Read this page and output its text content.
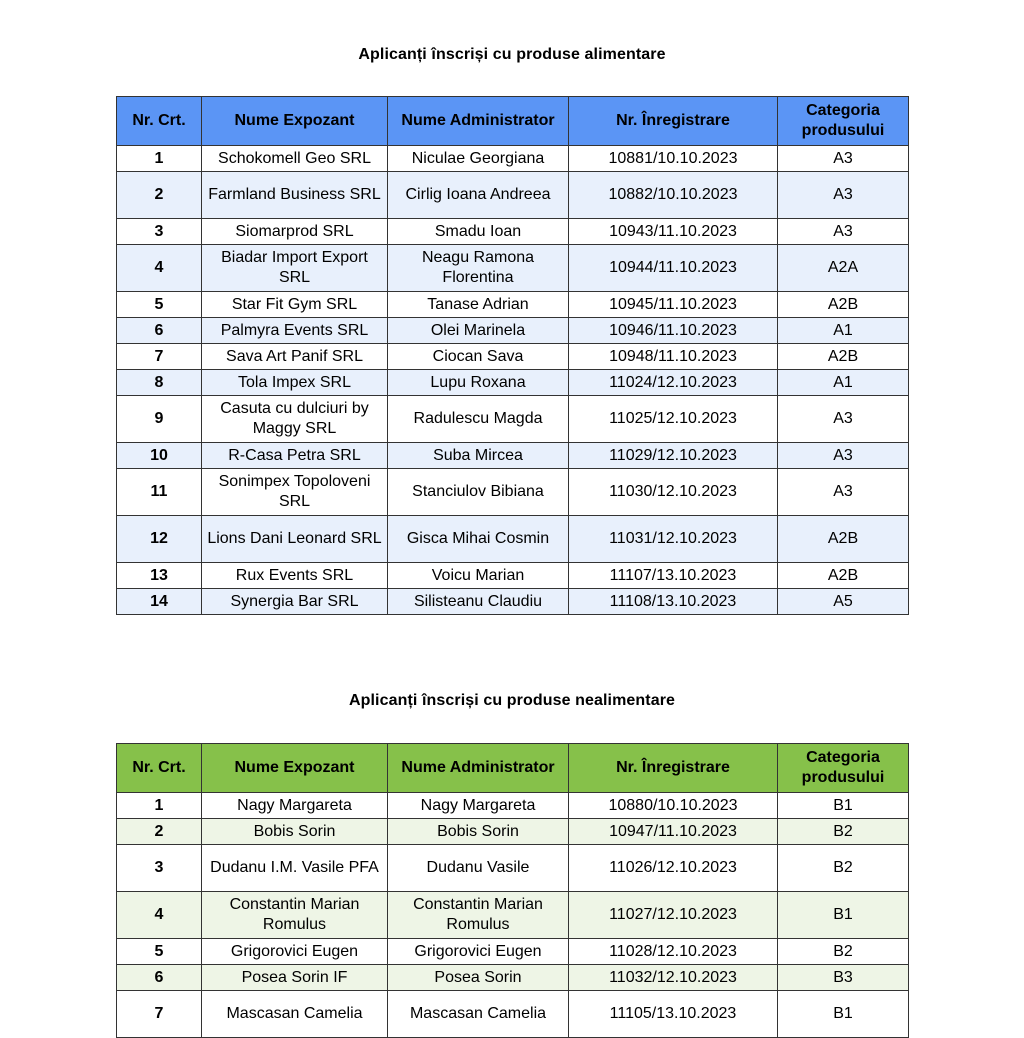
Aplicanți înscriși cu produse alimentare
Nr. Crt.	Nume Expozant	Nume Administrator	Nr. Înregistrare	Categoria produsului
1	Schokomell Geo SRL	Niculae Georgiana	10881/10.10.2023	A3
2	Farmland Business SRL	Cirlig Ioana Andreea	10882/10.10.2023	A3
3	Siomarprod SRL	Smadu Ioan	10943/11.10.2023	A3
4	Biadar Import Export SRL	Neagu Ramona Florentina	10944/11.10.2023	A2A
5	Star Fit Gym SRL	Tanase Adrian	10945/11.10.2023	A2B
6	Palmyra Events SRL	Olei Marinela	10946/11.10.2023	A1
7	Sava Art Panif SRL	Ciocan Sava	10948/11.10.2023	A2B
8	Tola Impex SRL	Lupu Roxana	11024/12.10.2023	A1
9	Casuta cu dulciuri by Maggy SRL	Radulescu Magda	11025/12.10.2023	A3
10	R-Casa Petra SRL	Suba Mircea	11029/12.10.2023	A3
11	Sonimpex Topoloveni SRL	Stanciulov Bibiana	11030/12.10.2023	A3
12	Lions Dani Leonard SRL	Gisca Mihai Cosmin	11031/12.10.2023	A2B
13	Rux Events SRL	Voicu Marian	11107/13.10.2023	A2B
14	Synergia Bar SRL	Silisteanu Claudiu	11108/13.10.2023	A5
Aplicanți înscriși cu produse nealimentare
Nr. Crt.	Nume Expozant	Nume Administrator	Nr. Înregistrare	Categoria produsului
1	Nagy Margareta	Nagy Margareta	10880/10.10.2023	B1
2	Bobis Sorin	Bobis Sorin	10947/11.10.2023	B2
3	Dudanu I.M. Vasile PFA	Dudanu Vasile	11026/12.10.2023	B2
4	Constantin Marian Romulus	Constantin Marian Romulus	11027/12.10.2023	B1
5	Grigorovici Eugen	Grigorovici Eugen	11028/12.10.2023	B2
6	Posea Sorin IF	Posea Sorin	11032/12.10.2023	B3
7	Mascasan Camelia	Mascasan Camelia	11105/13.10.2023	B1
